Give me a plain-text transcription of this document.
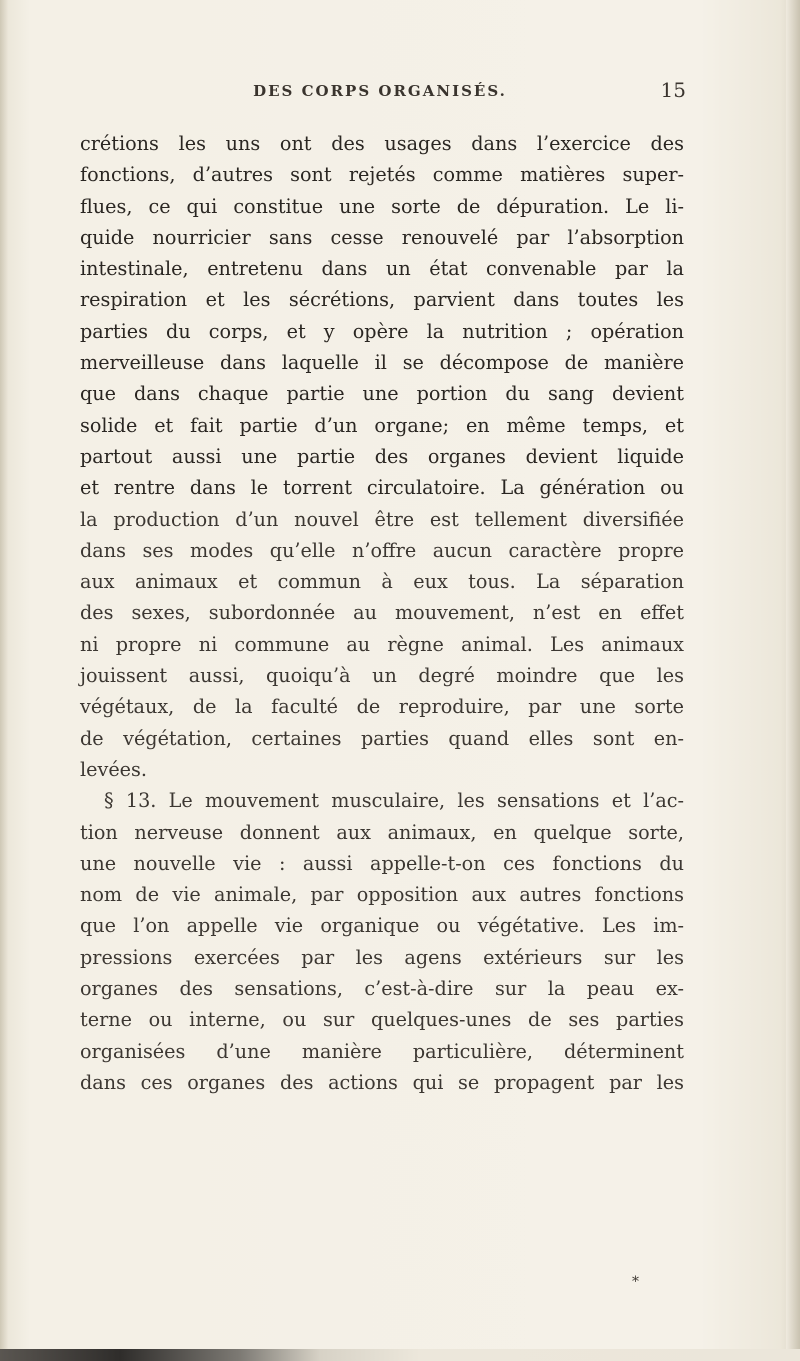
DES CORPS ORGANISÉS.	15
crétions les uns ont des usages dans l’exercice des
fonctions, d’autres sont rejetés comme matières super-
flues, ce qui constitue une sorte de dépuration. Le li-
quide nourricier sans cesse renouvelé par l’absorption
intestinale, entretenu dans un état convenable par la
respiration et les sécrétions, parvient dans toutes les
parties du corps, et y opère la nutrition ; opération
merveilleuse dans laquelle il se décompose de manière
que dans chaque partie une portion du sang devient
solide et fait partie d’un organe; en même temps, et
partout aussi une partie des organes devient liquide
et rentre dans le torrent circulatoire. La génération ou
la production d’un nouvel être est tellement diversifiée
dans ses modes qu’elle n’offre aucun caractère propre
aux animaux et commun à eux tous. La séparation
des sexes, subordonnée au mouvement, n’est en effet
ni propre ni commune au règne animal. Les animaux
jouissent aussi, quoiqu’à un degré moindre que les
végétaux, de la faculté de reproduire, par une sorte
de végétation, certaines parties quand elles sont en-
levées.
§ 13. Le mouvement musculaire, les sensations et l’ac-
tion nerveuse donnent aux animaux, en quelque sorte,
une nouvelle vie : aussi appelle-t-on ces fonctions du
nom de vie animale, par opposition aux autres fonctions
que l’on appelle vie organique ou végétative. Les im-
pressions exercées par les agens extérieurs sur les
organes des sensations, c’est-à-dire sur la peau ex-
terne ou interne, ou sur quelques-unes de ses parties
organisées d’une manière particulière, déterminent
dans ces organes des actions qui se propagent par les
*
